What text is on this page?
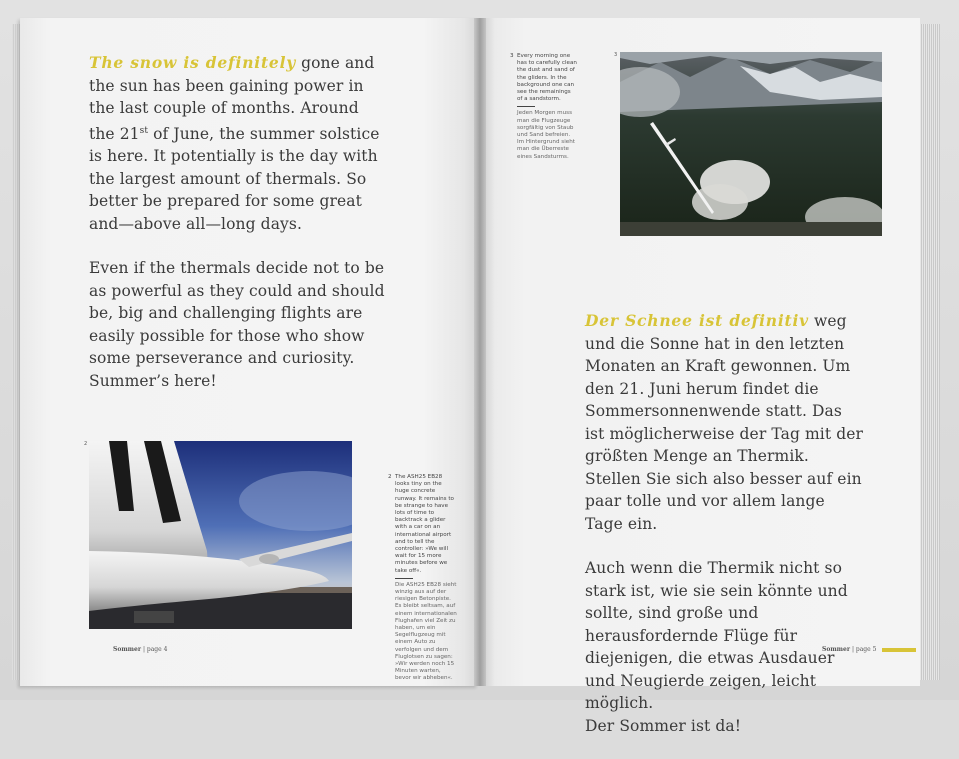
The snow is definitely gone and the sun has been gaining power in the last couple of months. Around the 21st of June, the summer solstice is here. It potentially is the day with the largest amount of thermals. So better be prepared for some great and—above all—long days.

Even if the thermals decide not to be as powerful as they could and should be, big and challenging flights are easily possible for those who show some perseverance and curiosity.
Summer’s here!

2
2 The ASH25 EB28 looks tiny on the huge concrete runway. It remains to be strange to have lots of time to backtrack a glider with a car on an international airport and to tell the controller: »We will wait for 15 more minutes before we take off«.
Die ASH25 EB28 sieht winzig aus auf der riesigen Betonpiste. Es bleibt seltsam, auf einem internationalen Flughafen viel Zeit zu haben, um ein Segelflugzeug mit einem Auto zu verfolgen und dem Fluglotsen zu sagen: »Wir werden noch 15 Minuten warten, bevor wir abheben«.
Sommer | page 4
3 Every morning one has to carefully clean the dust and sand of the gliders. In the background one can see the remainings of a sandstorm.
Jeden Morgen muss man die Flugzeuge sorgfältig von Staub und Sand befreien. Im Hintergrund sieht man die Überreste eines Sandsturms.
3

Der Schnee ist definitiv weg und die Sonne hat in den letzten Monaten an Kraft gewonnen. Um den 21. Juni herum findet die Sommersonnenwende statt. Das ist möglicherweise der Tag mit der größten Menge an Thermik. Stellen Sie sich also besser auf ein paar tolle und vor allem lange Tage ein.

Auch wenn die Thermik nicht so stark ist, wie sie sein könnte und sollte, sind große und herausfordernde Flüge für diejenigen, die etwas Ausdauer und Neugierde zeigen, leicht möglich.
Der Sommer ist da!

Sommer | page 5
